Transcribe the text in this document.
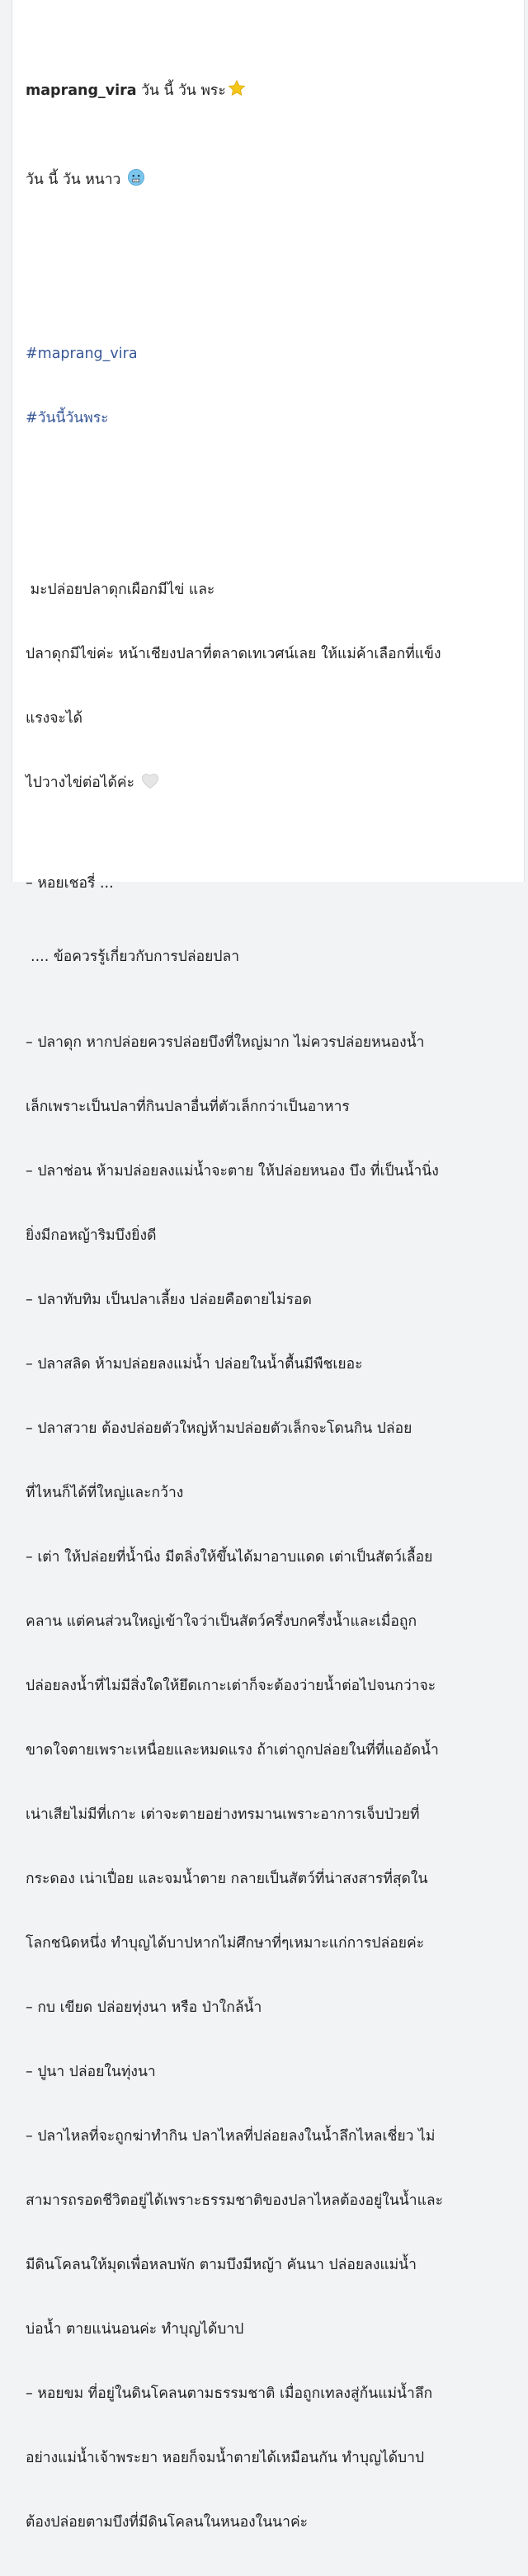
maprang_vira วัน นี้ วัน พระ

วัน นี้ วัน หนาว

#maprang_vira

#วันนี้วันพระ

มะปล่อยปลาดุกเผือกมีไข่ และ

ปลาดุกมีไข่ค่ะ หน้าเชียงปลาที่ตลาดเทเวศน์เลย ให้แม่ค้าเลือกที่แข็ง

แรงจะได้

ไปวางไข่ต่อได้ค่ะ

.... ข้อควรรู้เกี่ยวกับการปล่อยปลา

– ปลาดุก หากปล่อยควรปล่อยบึงที่ใหญ่มาก ไม่ควรปล่อยหนองน้ำ

เล็กเพราะเป็นปลาที่กินปลาอื่นที่ตัวเล็กกว่าเป็นอาหาร

– ปลาช่อน ห้ามปล่อยลงแม่น้ำจะตาย ให้ปล่อยหนอง บึง ที่เป็นน้ำนิ่ง

ยิ่งมีกอหญ้าริมบึงยิ่งดี

– ปลาทับทิม เป็นปลาเลี้ยง ปล่อยคือตายไม่รอด

– ปลาสลิด ห้ามปล่อยลงแม่น้ำ ปล่อยในน้ำตื้นมีพืชเยอะ

– ปลาสวาย ต้องปล่อยตัวใหญ่ห้ามปล่อยตัวเล็กจะโดนกิน ปล่อย

ที่ไหนก็ได้ที่ใหญ่และกว้าง

– เต่า ให้ปล่อยที่น้ำนิ่ง มีตลิ่งให้ขึ้นได้มาอาบแดด เต่าเป็นสัตว์เลื้อย

คลาน แต่คนส่วนใหญ่เข้าใจว่าเป็นสัตว์ครึ่งบกครึ่งน้ำและเมื่อถูก

ปล่อยลงน้ำที่ไม่มีสิ่งใดให้ยึดเกาะเต่าก็จะต้องว่ายน้ำต่อไปจนกว่าจะ

ขาดใจตายเพราะเหนื่อยและหมดแรง ถ้าเต่าถูกปล่อยในที่ที่แออัดน้ำ

เน่าเสียไม่มีที่เกาะ เต่าจะตายอย่างทรมานเพราะอาการเจ็บป่วยที่

กระดอง เน่าเปื่อย และจมน้ำตาย กลายเป็นสัตว์ที่น่าสงสารที่สุดใน

โลกชนิดหนึ่ง ทำบุญได้บาปหากไม่ศึกษาที่ๆเหมาะแก่การปล่อยค่ะ

– กบ เขียด ปล่อยทุ่งนา หรือ ป่าใกล้น้ำ

– ปูนา ปล่อยในทุ่งนา

– ปลาไหลที่จะถูกฆ่าทำกิน ปลาไหลที่ปล่อยลงในน้ำลึกไหลเชี่ยว ไม่

สามารถรอดชีวิตอยู่ได้เพราะธรรมชาติของปลาไหลต้องอยู่ในน้ำและ

มีดินโคลนให้มุดเพื่อหลบพัก ตามบึงมีหญ้า คันนา ปล่อยลงแม่น้ำ

บ่อน้ำ ตายแน่นอนค่ะ ทำบุญได้บาป

– หอยขม ที่อยู่ในดินโคลนตามธรรมชาติ เมื่อถูกเทลงสู่ก้นแม่น้ำลึก

อย่างแม่น้ำเจ้าพระยา หอยก็จมน้ำตายได้เหมือนกัน ทำบุญได้บาป

ต้องปล่อยตามบึงที่มีดินโคลนในหนองในนาค่ะ

– หอยเชอรี่ ...
